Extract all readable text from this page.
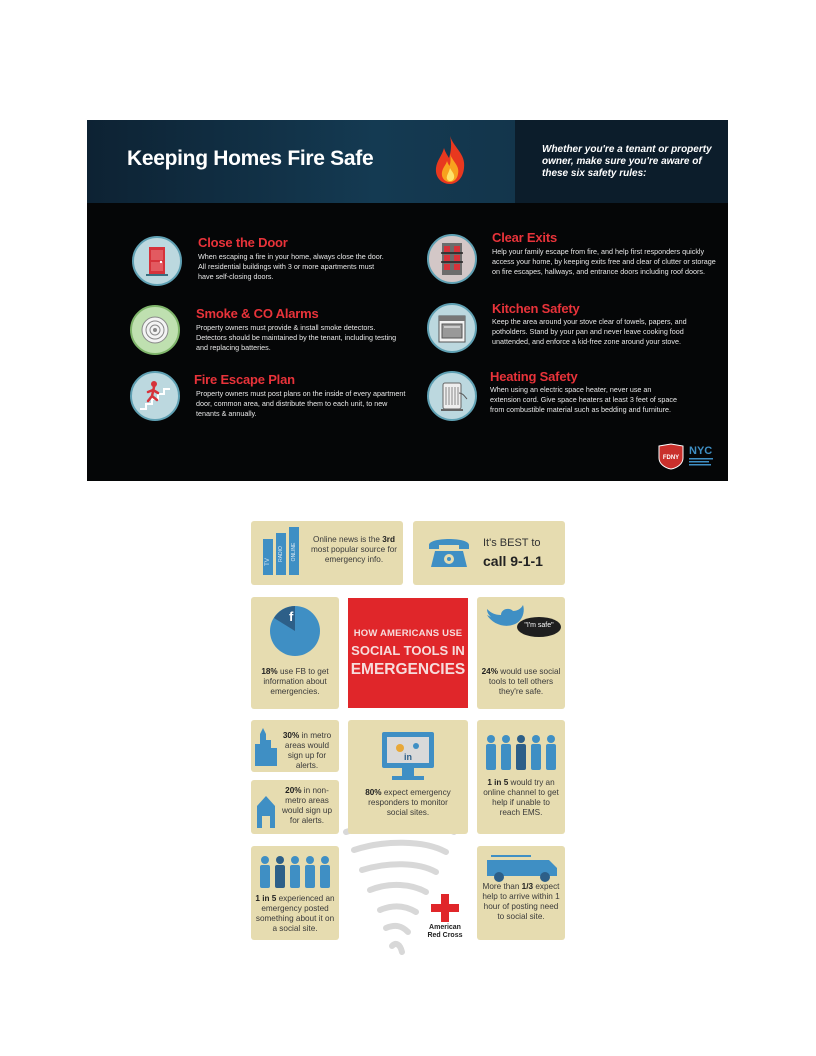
Keeping Homes Fire Safe	Whether you're a tenant or property owner, make sure you're aware of these six safety rules:
Close the Door

When escaping a fire in your home, always close the door. All residential buildings with 3 or more apartments must have self-closing doors.

Smoke & CO Alarms

Property owners must provide & install smoke detectors. Detectors should be maintained by the tenant, including testing and replacing batteries.

Fire Escape Plan

Property owners must post plans on the inside of every apartment door, common area, and distribute them to each unit, to new tenants & annually.

Clear Exits

Help your family escape from fire, and help first responders quickly access your home, by keeping exits free and clear of clutter or storage on fire escapes, hallways, and entrance doors including roof doors.

Kitchen Safety

Keep the area around your stove clear of towels, papers, and potholders. Stand by your pan and never leave cooking food unattended, and enforce a kid-free zone around your stove.

Heating Safety

When using an electric space heater, never use an extension cord. Give space heaters at least 3 feet of space from combustible material such as bedding and furniture.

FDNY
NYC
TV
RADIO ONLINE
Online news is the 3rd most popular source for emergency info.
It's BEST to
call 9-1-1
f
18% use FB to get information about emergencies.
HOW AMERICANS USE
SOCIAL TOOLS IN
EMERGENCIES
"I'm safe"
24% would use social tools to tell others they're safe.
30% in metro areas would sign up for alerts.
20% in non-metro areas would sign up for alerts.
in
80% expect emergency responders to monitor social sites.
1 in 5 would try an online channel to get help if unable to reach EMS.
1 in 5 experienced an emergency posted something about it on a social site.	American
Red Cross
More than 1/3 expect help to arrive within 1 hour of posting need to social site.
